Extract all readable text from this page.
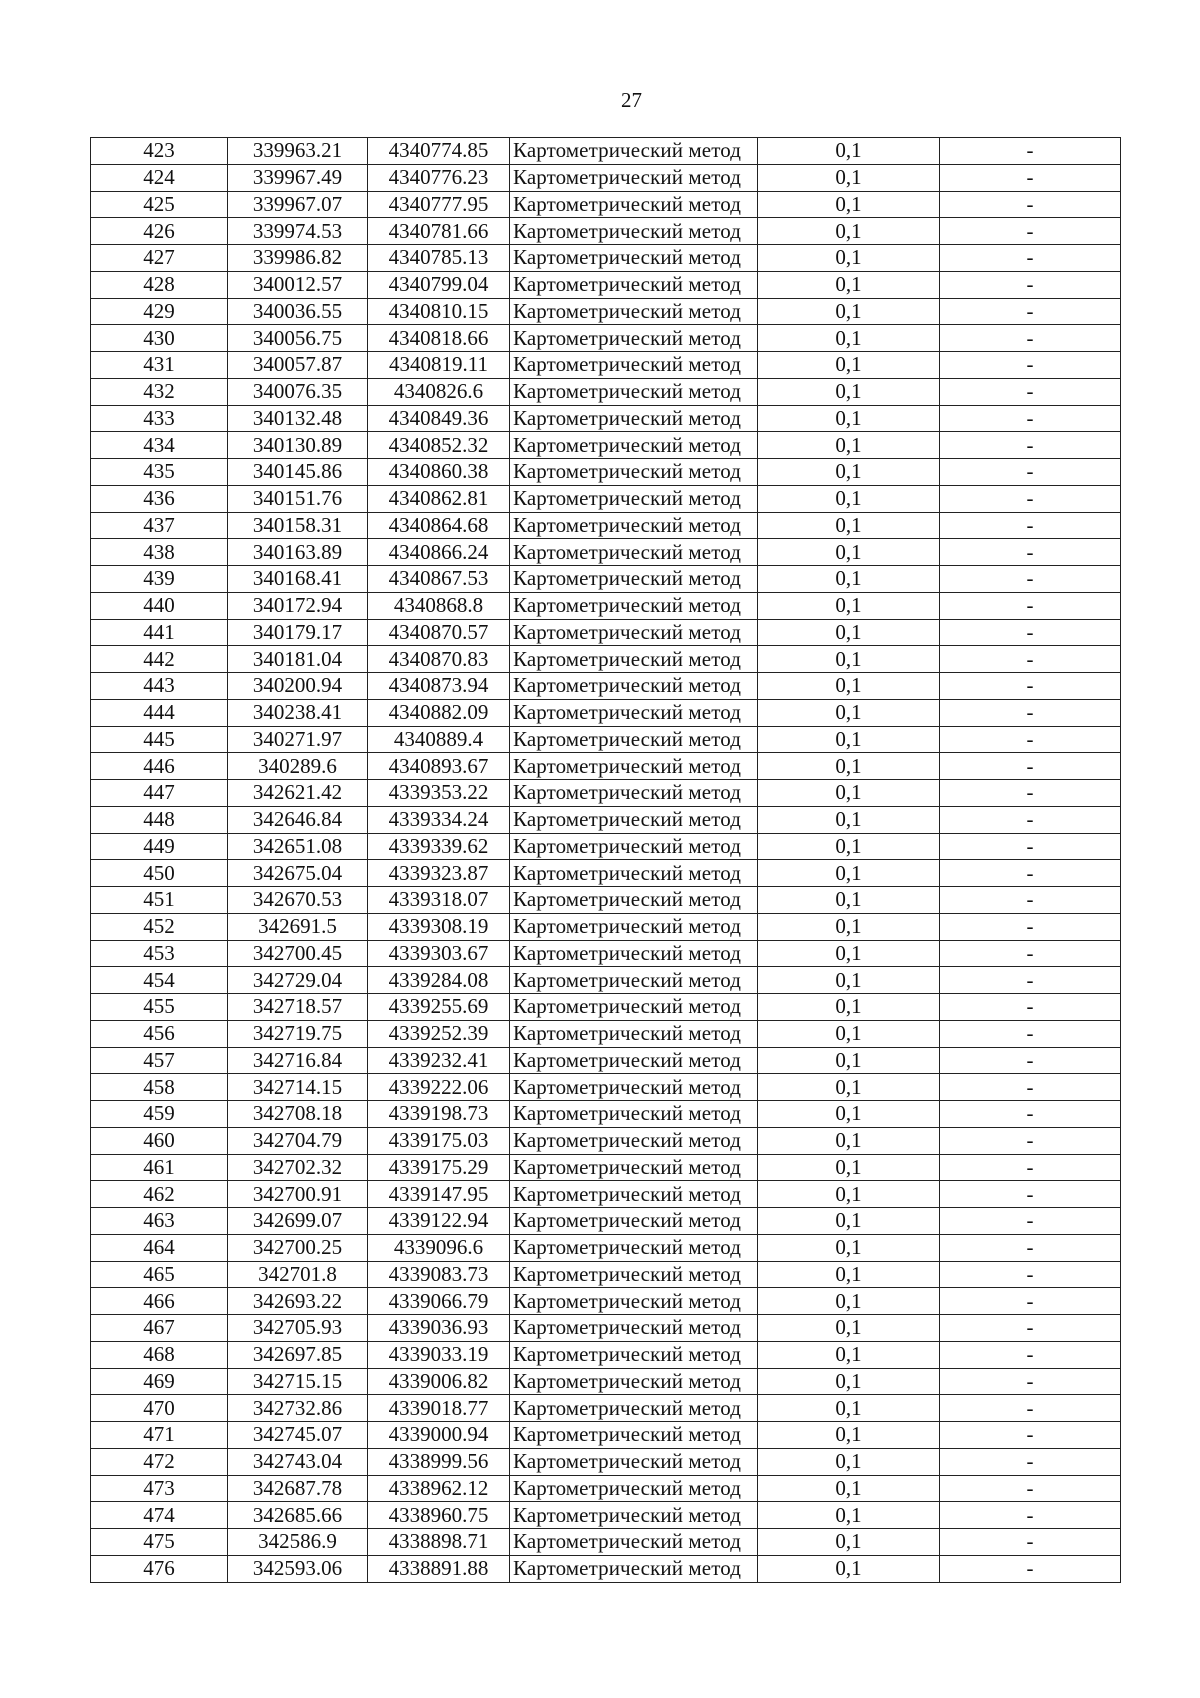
27
423	339963.21	4340774.85	Картометрический метод	0,1	-
424	339967.49	4340776.23	Картометрический метод	0,1	-
425	339967.07	4340777.95	Картометрический метод	0,1	-
426	339974.53	4340781.66	Картометрический метод	0,1	-
427	339986.82	4340785.13	Картометрический метод	0,1	-
428	340012.57	4340799.04	Картометрический метод	0,1	-
429	340036.55	4340810.15	Картометрический метод	0,1	-
430	340056.75	4340818.66	Картометрический метод	0,1	-
431	340057.87	4340819.11	Картометрический метод	0,1	-
432	340076.35	4340826.6	Картометрический метод	0,1	-
433	340132.48	4340849.36	Картометрический метод	0,1	-
434	340130.89	4340852.32	Картометрический метод	0,1	-
435	340145.86	4340860.38	Картометрический метод	0,1	-
436	340151.76	4340862.81	Картометрический метод	0,1	-
437	340158.31	4340864.68	Картометрический метод	0,1	-
438	340163.89	4340866.24	Картометрический метод	0,1	-
439	340168.41	4340867.53	Картометрический метод	0,1	-
440	340172.94	4340868.8	Картометрический метод	0,1	-
441	340179.17	4340870.57	Картометрический метод	0,1	-
442	340181.04	4340870.83	Картометрический метод	0,1	-
443	340200.94	4340873.94	Картометрический метод	0,1	-
444	340238.41	4340882.09	Картометрический метод	0,1	-
445	340271.97	4340889.4	Картометрический метод	0,1	-
446	340289.6	4340893.67	Картометрический метод	0,1	-
447	342621.42	4339353.22	Картометрический метод	0,1	-
448	342646.84	4339334.24	Картометрический метод	0,1	-
449	342651.08	4339339.62	Картометрический метод	0,1	-
450	342675.04	4339323.87	Картометрический метод	0,1	-
451	342670.53	4339318.07	Картометрический метод	0,1	-
452	342691.5	4339308.19	Картометрический метод	0,1	-
453	342700.45	4339303.67	Картометрический метод	0,1	-
454	342729.04	4339284.08	Картометрический метод	0,1	-
455	342718.57	4339255.69	Картометрический метод	0,1	-
456	342719.75	4339252.39	Картометрический метод	0,1	-
457	342716.84	4339232.41	Картометрический метод	0,1	-
458	342714.15	4339222.06	Картометрический метод	0,1	-
459	342708.18	4339198.73	Картометрический метод	0,1	-
460	342704.79	4339175.03	Картометрический метод	0,1	-
461	342702.32	4339175.29	Картометрический метод	0,1	-
462	342700.91	4339147.95	Картометрический метод	0,1	-
463	342699.07	4339122.94	Картометрический метод	0,1	-
464	342700.25	4339096.6	Картометрический метод	0,1	-
465	342701.8	4339083.73	Картометрический метод	0,1	-
466	342693.22	4339066.79	Картометрический метод	0,1	-
467	342705.93	4339036.93	Картометрический метод	0,1	-
468	342697.85	4339033.19	Картометрический метод	0,1	-
469	342715.15	4339006.82	Картометрический метод	0,1	-
470	342732.86	4339018.77	Картометрический метод	0,1	-
471	342745.07	4339000.94	Картометрический метод	0,1	-
472	342743.04	4338999.56	Картометрический метод	0,1	-
473	342687.78	4338962.12	Картометрический метод	0,1	-
474	342685.66	4338960.75	Картометрический метод	0,1	-
475	342586.9	4338898.71	Картометрический метод	0,1	-
476	342593.06	4338891.88	Картометрический метод	0,1	-
